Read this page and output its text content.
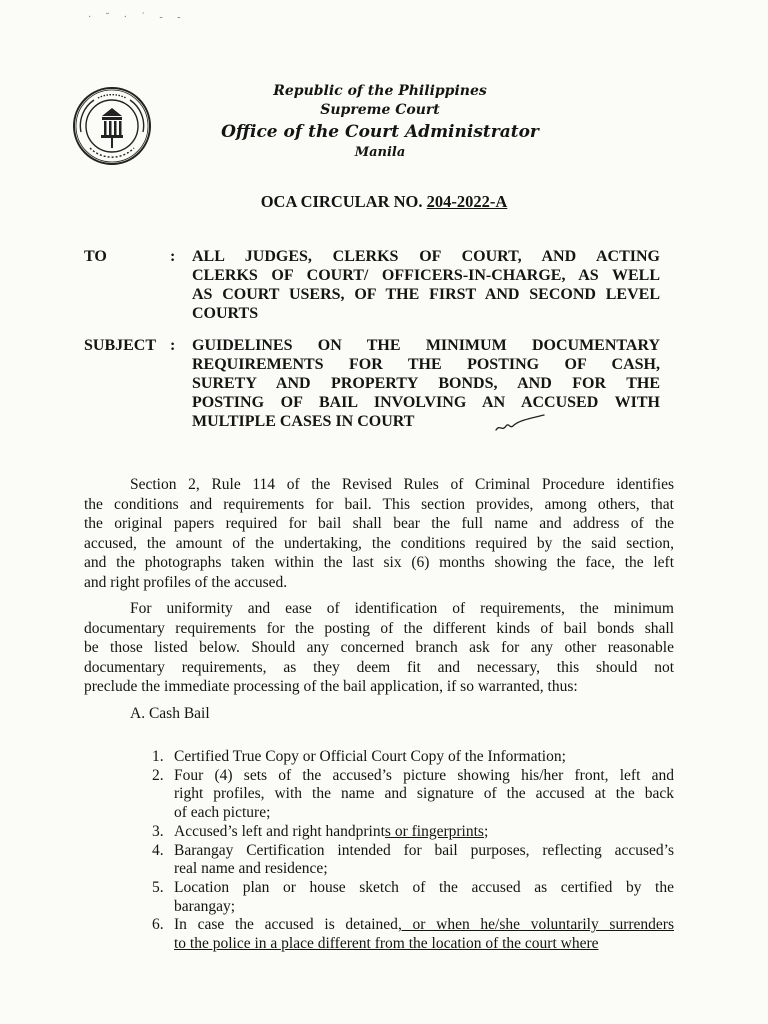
· ˘ · ˊ ‐ ‐
Republic of the Philippines
Supreme Court
Office of the Court Administrator
Manila
OCA CIRCULAR NO. 204-2022-A
TO	: ALL JUDGES, CLERKS OF COURT, AND ACTING
CLERKS OF COURT/ OFFICERS-IN-CHARGE, AS WELL
AS COURT USERS, OF THE FIRST AND SECOND LEVEL
COURTS
SUBJECT : GUIDELINES ON THE MINIMUM DOCUMENTARY
REQUIREMENTS FOR THE POSTING OF CASH,
SURETY AND PROPERTY BONDS, AND FOR THE
POSTING OF BAIL INVOLVING AN ACCUSED WITH
MULTIPLE CASES IN COURT
Section 2, Rule 114 of the Revised Rules of Criminal Procedure identifies
the conditions and requirements for bail. This section provides, among others, that
the original papers required for bail shall bear the full name and address of the
accused, the amount of the undertaking, the conditions required by the said section,
and the photographs taken within the last six (6) months showing the face, the left
and right profiles of the accused.
For uniformity and ease of identification of requirements, the minimum
documentary requirements for the posting of the different kinds of bail bonds shall
be those listed below. Should any concerned branch ask for any other reasonable
documentary requirements, as they deem fit and necessary, this should not
preclude the immediate processing of the bail application, if so warranted, thus:
A. Cash Bail
1. Certified True Copy or Official Court Copy of the Information;
2. Four (4) sets of the accused’s picture showing his/her front, left and
right profiles, with the name and signature of the accused at the back
of each picture;
3. Accused’s left and right handprints or fingerprints;
4. Barangay Certification intended for bail purposes, reflecting accused’s
real name and residence;
5. Location plan or house sketch of the accused as certified by the
barangay;
6. In case the accused is detained, or when he/she voluntarily surrenders
to the police in a place different from the location of the court where
